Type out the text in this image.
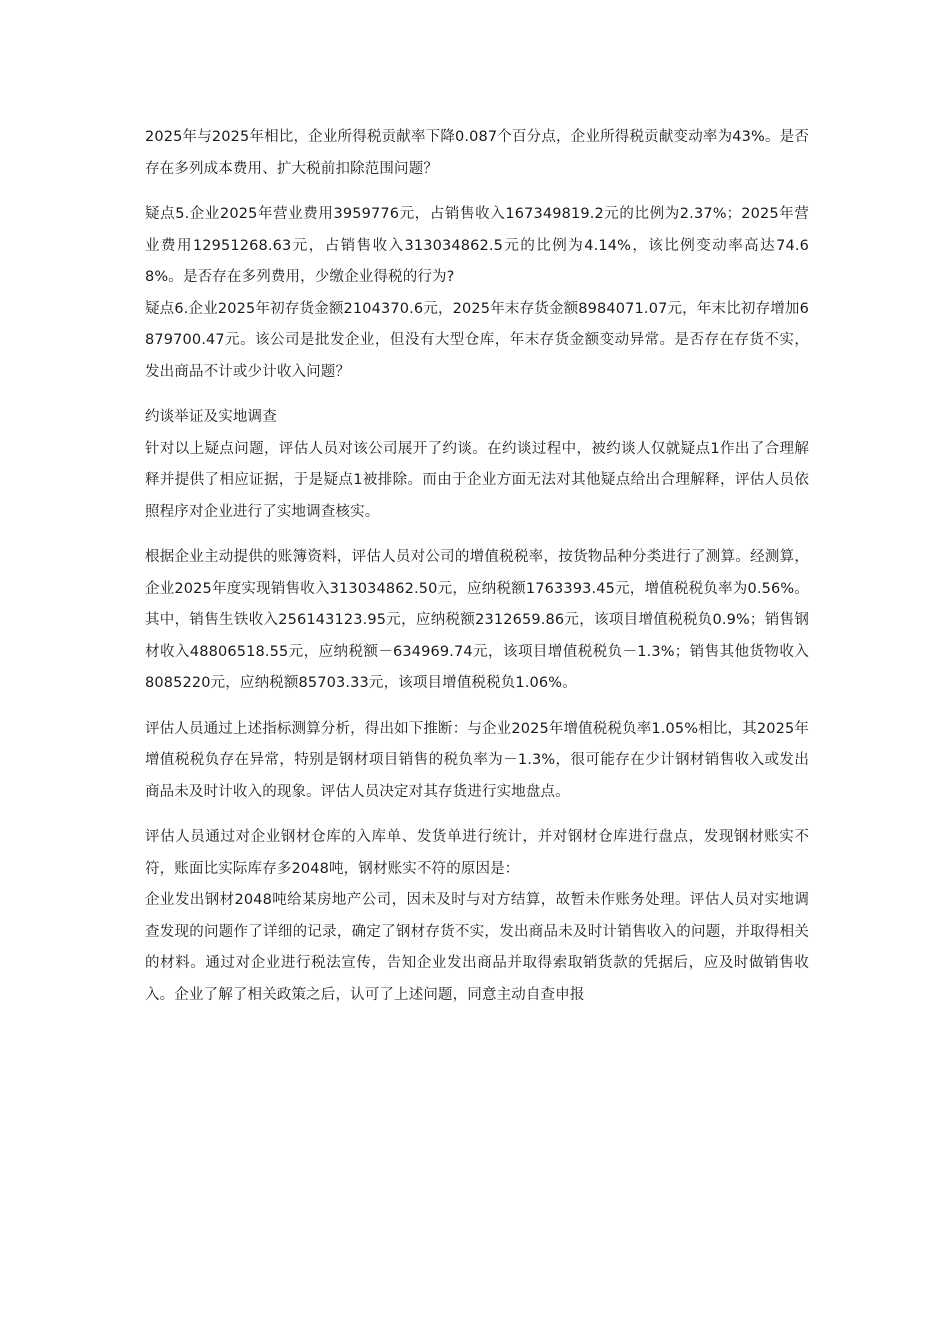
2025年与2025年相比，企业所得税贡献率下降0.087个百分点，企业所得税贡献变动率为43%。是否存在多列成本费用、扩大税前扣除范围问题？

疑点5.企业2025年营业费用3959776元，占销售收入167349819.2元的比例为2.37%；2025年营业费用12951268.63元，占销售收入313034862.5元的比例为4.14%，该比例变动率高达74.68%。是否存在多列费用，少缴企业得税的行为?

疑点6.企业2025年初存货金额2104370.6元，2025年末存货金额8984071.07元，年末比初存增加6879700.47元。该公司是批发企业，但没有大型仓库，年末存货金额变动异常。是否存在存货不实，发出商品不计或少计收入问题？

约谈举证及实地调查

针对以上疑点问题，评估人员对该公司展开了约谈。在约谈过程中，被约谈人仅就疑点1作出了合理解释并提供了相应证据，于是疑点1被排除。而由于企业方面无法对其他疑点给出合理解释，评估人员依照程序对企业进行了实地调查核实。

根据企业主动提供的账簿资料，评估人员对公司的增值税税率，按货物品种分类进行了测算。经测算，企业2025年度实现销售收入313034862.50元，应纳税额1763393.45元，增值税税负率为0.56%。其中，销售生铁收入256143123.95元，应纳税额2312659.86元，该项目增值税税负0.9%；销售钢材收入48806518.55元，应纳税额－634969.74元，该项目增值税税负－1.3%；销售其他货物收入8085220元，应纳税额85703.33元，该项目增值税税负1.06%。

评估人员通过上述指标测算分析，得出如下推断：与企业2025年增值税税负率1.05%相比，其2025年增值税税负存在异常，特别是钢材项目销售的税负率为－1.3%，很可能存在少计钢材销售收入或发出商品未及时计收入的现象。评估人员决定对其存货进行实地盘点。

评估人员通过对企业钢材仓库的入库单、发货单进行统计，并对钢材仓库进行盘点，发现钢材账实不符，账面比实际库存多2048吨，钢材账实不符的原因是：

企业发出钢材2048吨给某房地产公司，因未及时与对方结算，故暂未作账务处理。评估人员对实地调查发现的问题作了详细的记录，确定了钢材存货不实，发出商品未及时计销售收入的问题，并取得相关的材料。通过对企业进行税法宣传，告知企业发出商品并取得索取销货款的凭据后，应及时做销售收入。企业了解了相关政策之后，认可了上述问题，同意主动自查申报
